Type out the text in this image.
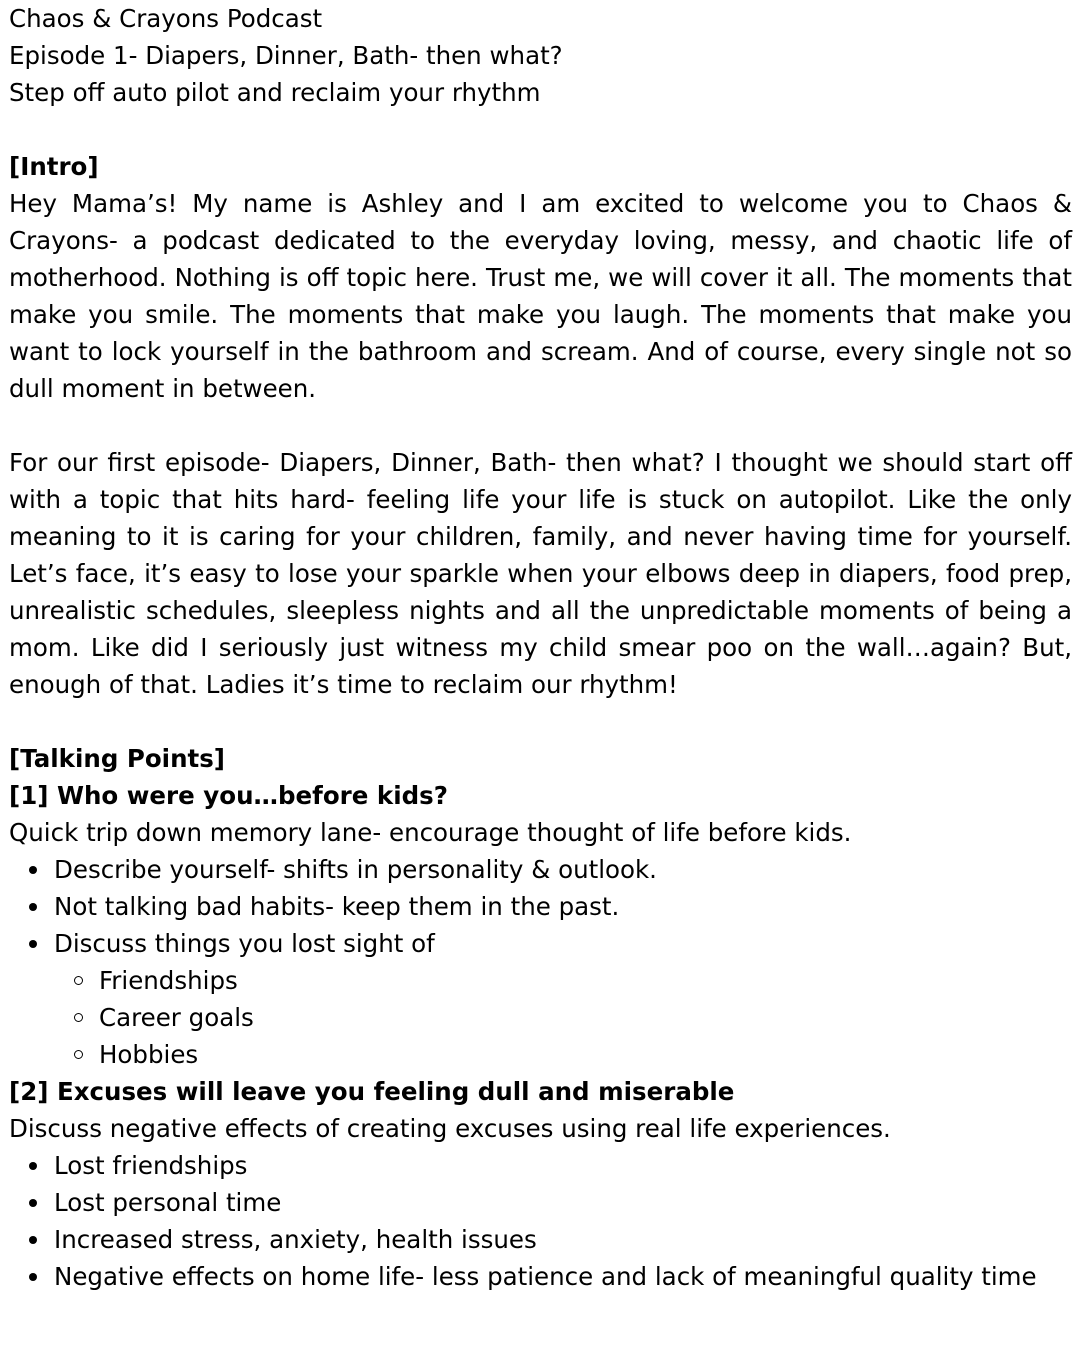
Chaos & Crayons Podcast

Episode 1- Diapers, Dinner, Bath- then what?

Step off auto pilot and reclaim your rhythm

[Intro]

Hey Mama’s! My name is Ashley and I am excited to welcome you to Chaos & Crayons- a podcast dedicated to the everyday loving, messy, and chaotic life of motherhood. Nothing is off topic here. Trust me, we will cover it all. The moments that make you smile. The moments that make you laugh. The moments that make you want to lock yourself in the bathroom and scream. And of course, every single not so dull moment in between.

For our first episode- Diapers, Dinner, Bath- then what? I thought we should start off with a topic that hits hard- feeling life your life is stuck on autopilot. Like the only meaning to it is caring for your children, family, and never having time for yourself. Let’s face, it’s easy to lose your sparkle when your elbows deep in diapers, food prep, unrealistic schedules, sleepless nights and all the unpredictable moments of being a mom. Like did I seriously just witness my child smear poo on the wall…again? But, enough of that. Ladies it’s time to reclaim our rhythm!

[Talking Points]

[1] Who were you…before kids?

Quick trip down memory lane- encourage thought of life before kids.

Describe yourself- shifts in personality & outlook.
Not talking bad habits- keep them in the past.
Discuss things you lost sight of
Friendships
Career goals
Hobbies

[2] Excuses will leave you feeling dull and miserable

Discuss negative effects of creating excuses using real life experiences.

Lost friendships
Lost personal time
Increased stress, anxiety, health issues
Negative effects on home life- less patience and lack of meaningful quality time
